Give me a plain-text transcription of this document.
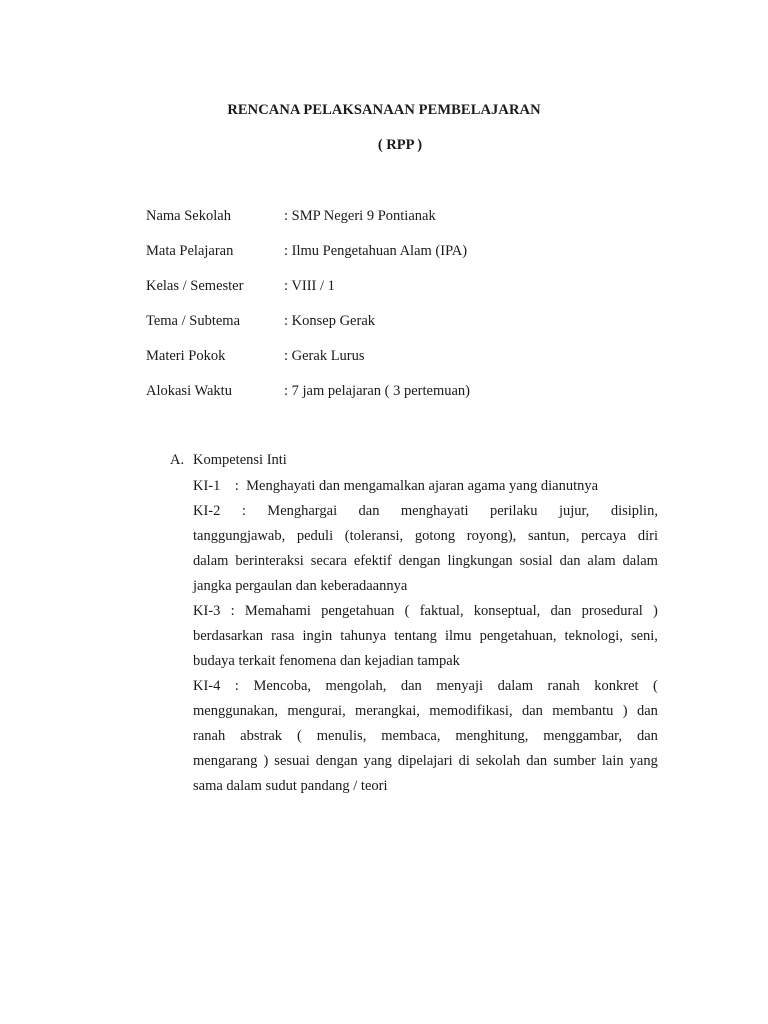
RENCANA PELAKSANAAN PEMBELAJARAN
( RPP )
Nama Sekolah	: SMP Negeri 9 Pontianak
Mata Pelajaran	: Ilmu Pengetahuan Alam (IPA)
Kelas / Semester	: VIII / 1
Tema / Subtema	: Konsep Gerak
Materi Pokok	: Gerak Lurus
Alokasi Waktu	: 7 jam pelajaran ( 3 pertemuan)
A. Kompetensi Inti
KI-1    :  Menghayati dan mengamalkan ajaran agama yang dianutnya
KI-2 : Menghargai dan menghayati perilaku jujur, disiplin,
tanggungjawab, peduli (toleransi, gotong royong), santun, percaya diri
dalam berinteraksi secara efektif dengan lingkungan sosial dan alam dalam
jangka pergaulan dan keberadaannya
KI-3 : Memahami pengetahuan ( faktual, konseptual, dan prosedural )
berdasarkan rasa ingin tahunya tentang ilmu pengetahuan, teknologi, seni,
budaya terkait fenomena dan kejadian tampak
KI-4 : Mencoba, mengolah, dan menyaji dalam ranah konkret (
menggunakan, mengurai, merangkai, memodifikasi, dan membantu ) dan
ranah abstrak ( menulis, membaca, menghitung, menggambar, dan
mengarang ) sesuai dengan yang dipelajari di sekolah dan sumber lain yang
sama dalam sudut pandang / teori
